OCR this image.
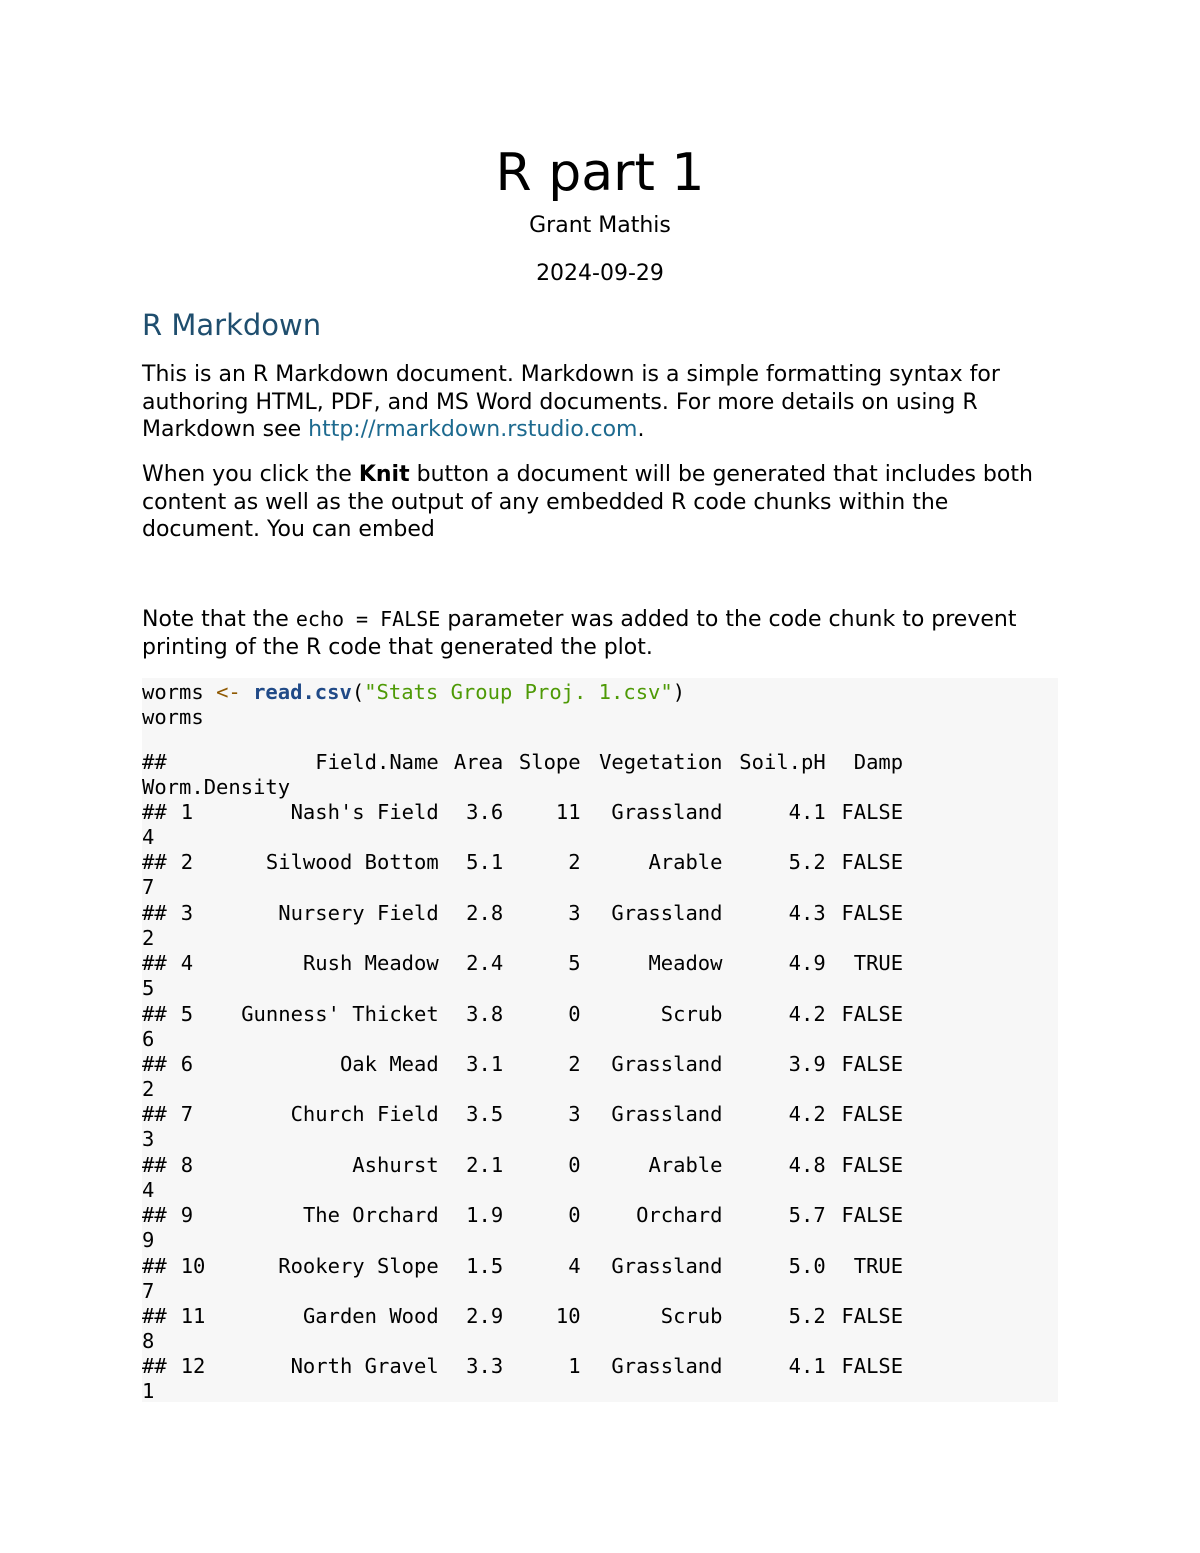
R part 1
Grant Mathis
2024-09-29
R Markdown

This is an R Markdown document. Markdown is a simple formatting syntax for authoring HTML, PDF, and MS Word documents. For more details on using R Markdown see http://rmarkdown.rstudio.com.

When you click the Knit button a document will be generated that includes both content as well as the output of any embedded R code chunks within the document. You can embed

Note that the echo = FALSE parameter was added to the code chunk to prevent printing of the R code that generated the plot.

worms <- read.csv("Stats Group Proj. 1.csv")
worms
##	Field.Name Area Slope Vegetation Soil.pH Damp
Worm.Density
## 1	Nash's Field 3.6	11 Grassland	4.1 FALSE
4
## 2	Silwood Bottom 5.1	2	Arable	5.2 FALSE
7
## 3	Nursery Field 2.8	3 Grassland	4.3 FALSE
2
## 4	Rush Meadow 2.4	5	Meadow	4.9 TRUE
5
## 5 Gunness' Thicket 3.8	0	Scrub	4.2 FALSE
6
## 6	Oak Mead 3.1	2 Grassland	3.9 FALSE
2
## 7	Church Field 3.5	3 Grassland	4.2 FALSE
3
## 8	Ashurst 2.1	0	Arable	4.8 FALSE
4
## 9	The Orchard 1.9	0	Orchard	5.7 FALSE
9
## 10	Rookery Slope 1.5	4 Grassland	5.0 TRUE
7
## 11	Garden Wood 2.9	10	Scrub	5.2 FALSE
8
## 12	North Gravel 3.3	1 Grassland	4.1 FALSE
1
